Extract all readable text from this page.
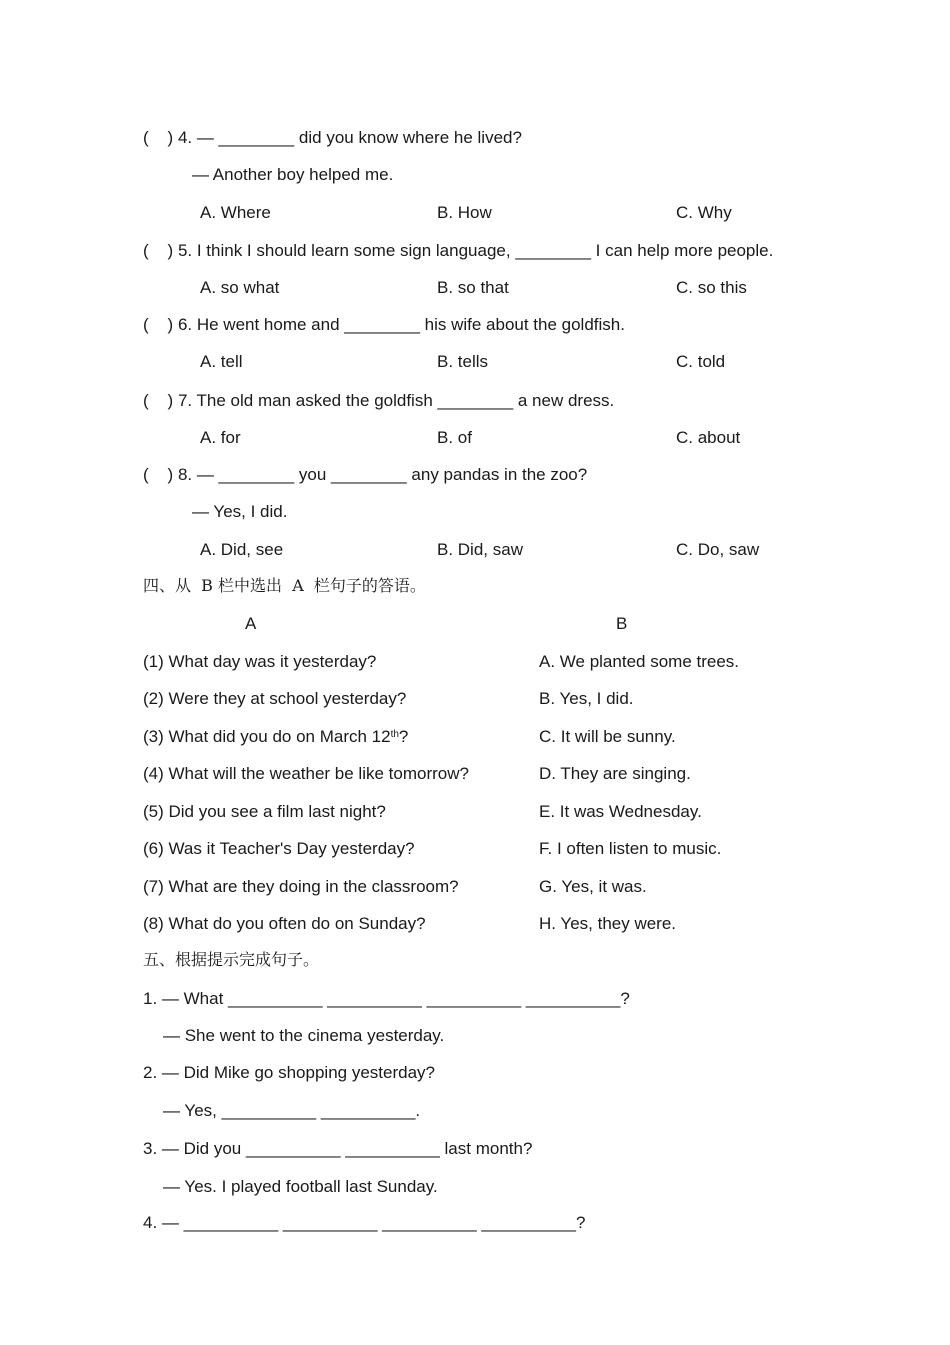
(    ) 4. — ________ did you know where he lived?
— Another boy helped me.
A. Where	B. How	C. Why
(    ) 5. I think I should learn some sign language, ________ I can help more people.
A. so what	B. so that	C. so this
(    ) 6. He went home and ________ his wife about the goldfish.
A. tell	B. tells	C. told
(    ) 7. The old man asked the goldfish ________ a new dress.
A. for	B. of	C. about
(    ) 8. — ________ you ________ any pandas in the zoo?
— Yes, I did.
A. Did, see	B. Did, saw	C. Do, saw
四、从  B 栏中选出  A  栏句子的答语。
A	B
(1) What day was it yesterday?	A. We planted some trees.
(2) Were they at school yesterday?	B. Yes, I did.
(3) What did you do on March 12th?	C. It will be sunny.
(4) What will the weather be like tomorrow?	D. They are singing.
(5) Did you see a film last night?	E. It was Wednesday.
(6) Was it Teacher's Day yesterday?	F. I often listen to music.
(7) What are they doing in the classroom?	G. Yes, it was.
(8) What do you often do on Sunday?	H. Yes, they were.
五、根据提示完成句子。
1. — What __________ __________ __________ __________?
— She went to the cinema yesterday.
2. — Did Mike go shopping yesterday?
— Yes, __________ __________.
3. — Did you __________ __________ last month?
— Yes. I played football last Sunday.
4. — __________ __________ __________ __________?
